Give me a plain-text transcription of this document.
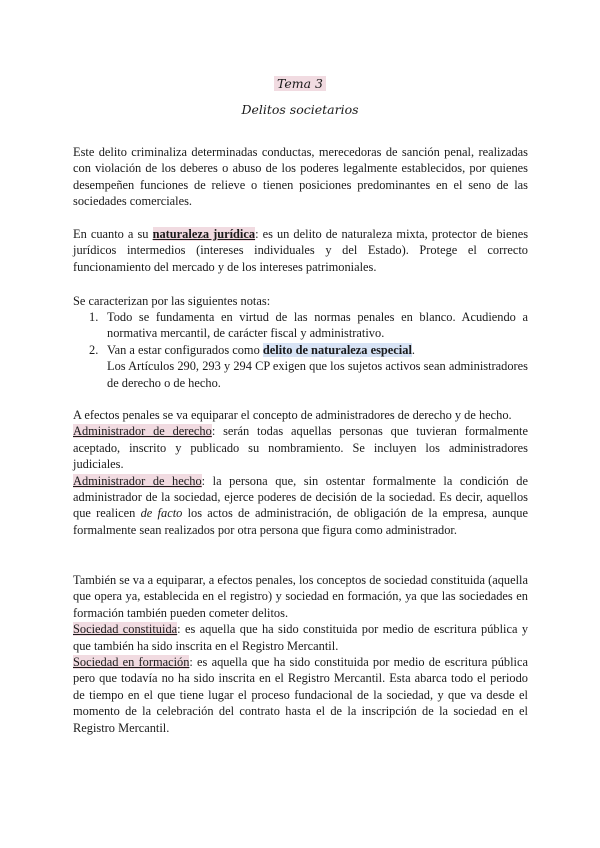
Tema 3
Delitos societarios

Este delito criminaliza determinadas conductas, merecedoras de sanción penal, realizadas con violación de los deberes o abuso de los poderes legalmente establecidos, por quienes desempeñen funciones de relieve o tienen posiciones predominantes en el seno de las sociedades comerciales.

En cuanto a su naturaleza jurídica: es un delito de naturaleza mixta, protector de bienes jurídicos intermedios (intereses individuales y del Estado). Protege el correcto funcionamiento del mercado y de los intereses patrimoniales.

Se caracterizan por las siguientes notas:

1. Todo se fundamenta en virtud de las normas penales en blanco. Acudiendo a normativa mercantil, de carácter fiscal y administrativo.
2. Van a estar configurados como delito de naturaleza especial.
Los Artículos 290, 293 y 294 CP exigen que los sujetos activos sean administradores de derecho o de hecho.
A efectos penales se va equiparar el concepto de administradores de derecho y de hecho.
Administrador de derecho: serán todas aquellas personas que tuvieran formalmente aceptado, inscrito y publicado su nombramiento. Se incluyen los administradores judiciales.
Administrador de hecho: la persona que, sin ostentar formalmente la condición de administrador de la sociedad, ejerce poderes de decisión de la sociedad. Es decir, aquellos que realicen de facto los actos de administración, de obligación de la empresa, aunque formalmente sean realizados por otra persona que figura como administrador.
También se va a equiparar, a efectos penales, los conceptos de sociedad constituida (aquella que opera ya, establecida en el registro) y sociedad en formación, ya que las sociedades en formación también pueden cometer delitos.
Sociedad constituida: es aquella que ha sido constituida por medio de escritura pública y que también ha sido inscrita en el Registro Mercantil.
Sociedad en formación: es aquella que ha sido constituida por medio de escritura pública pero que todavía no ha sido inscrita en el Registro Mercantil. Esta abarca todo el periodo de tiempo en el que tiene lugar el proceso fundacional de la sociedad, y que va desde el momento de la celebración del contrato hasta el de la inscripción de la sociedad en el Registro Mercantil.
